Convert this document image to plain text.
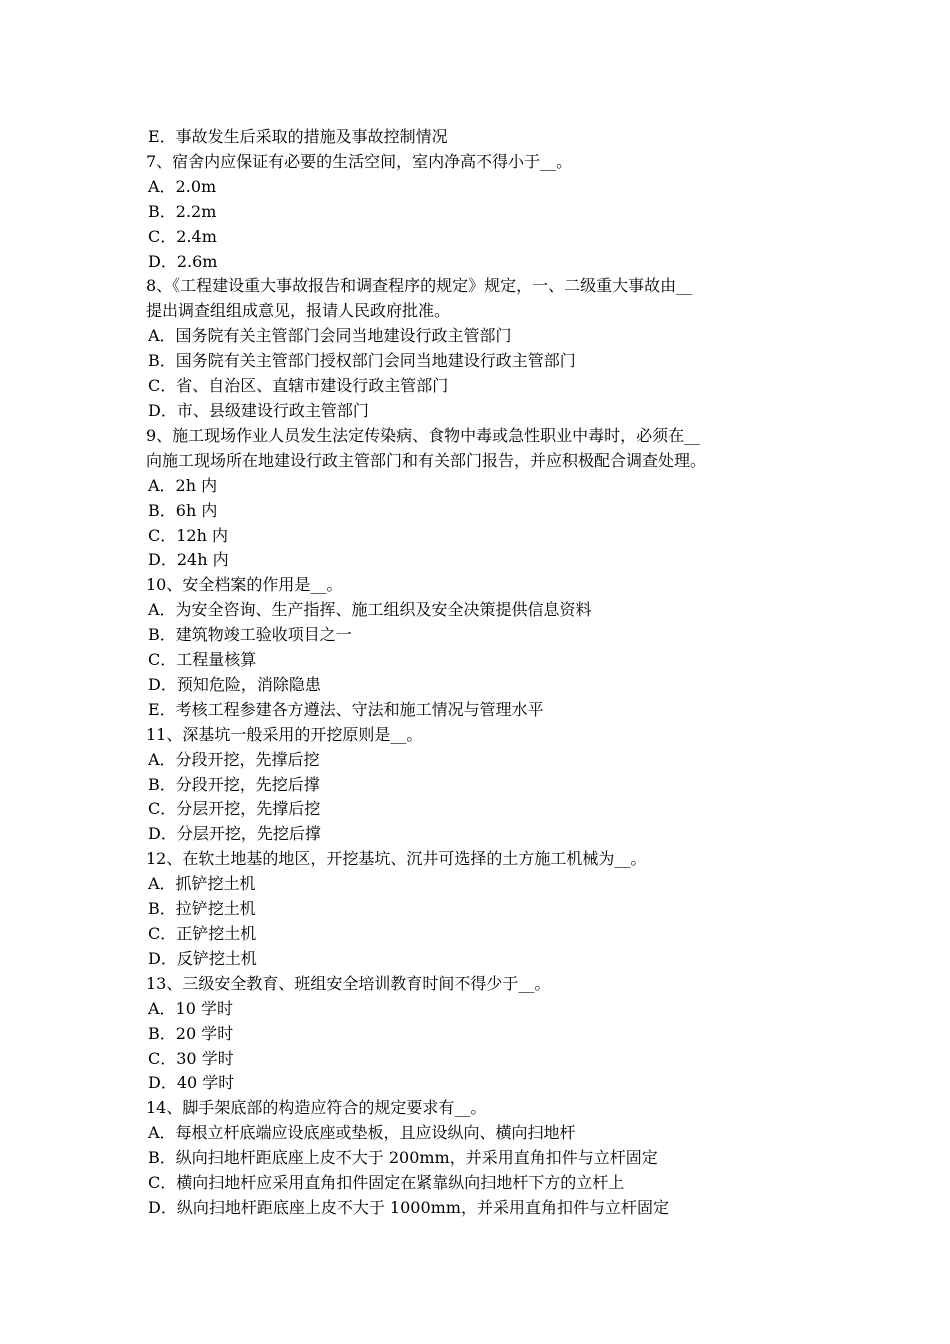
E．事故发生后采取的措施及事故控制情况
7、宿舍内应保证有必要的生活空间，室内净高不得小于__。
A．2.0m
B．2.2m
C．2.4m
D．2.6m
8、《工程建设重大事故报告和调查程序的规定》规定，一、二级重大事故由__
提出调查组组成意见，报请人民政府批准。
A．国务院有关主管部门会同当地建设行政主管部门
B．国务院有关主管部门授权部门会同当地建设行政主管部门
C．省、自治区、直辖市建设行政主管部门
D．市、县级建设行政主管部门
9、施工现场作业人员发生法定传染病、食物中毒或急性职业中毒时，必须在__
向施工现场所在地建设行政主管部门和有关部门报告，并应积极配合调查处理。
A．2h 内
B．6h 内
C．12h 内
D．24h 内
10、安全档案的作用是__。
A．为安全咨询、生产指挥、施工组织及安全决策提供信息资料
B．建筑物竣工验收项目之一
C．工程量核算
D．预知危险，消除隐患
E．考核工程参建各方遵法、守法和施工情况与管理水平
11、深基坑一般采用的开挖原则是__。
A．分段开挖，先撑后挖
B．分段开挖，先挖后撑
C．分层开挖，先撑后挖
D．分层开挖，先挖后撑
12、在软土地基的地区，开挖基坑、沉井可选择的土方施工机械为__。
A．抓铲挖土机
B．拉铲挖土机
C．正铲挖土机
D．反铲挖土机
13、三级安全教育、班组安全培训教育时间不得少于__。
A．10 学时
B．20 学时
C．30 学时
D．40 学时
14、脚手架底部的构造应符合的规定要求有__。
A．每根立杆底端应设底座或垫板，且应设纵向、横向扫地杆
B．纵向扫地杆距底座上皮不大于 200mm，并采用直角扣件与立杆固定
C．横向扫地杆应采用直角扣件固定在紧靠纵向扫地杆下方的立杆上
D．纵向扫地杆距底座上皮不大于 1000mm，并采用直角扣件与立杆固定
